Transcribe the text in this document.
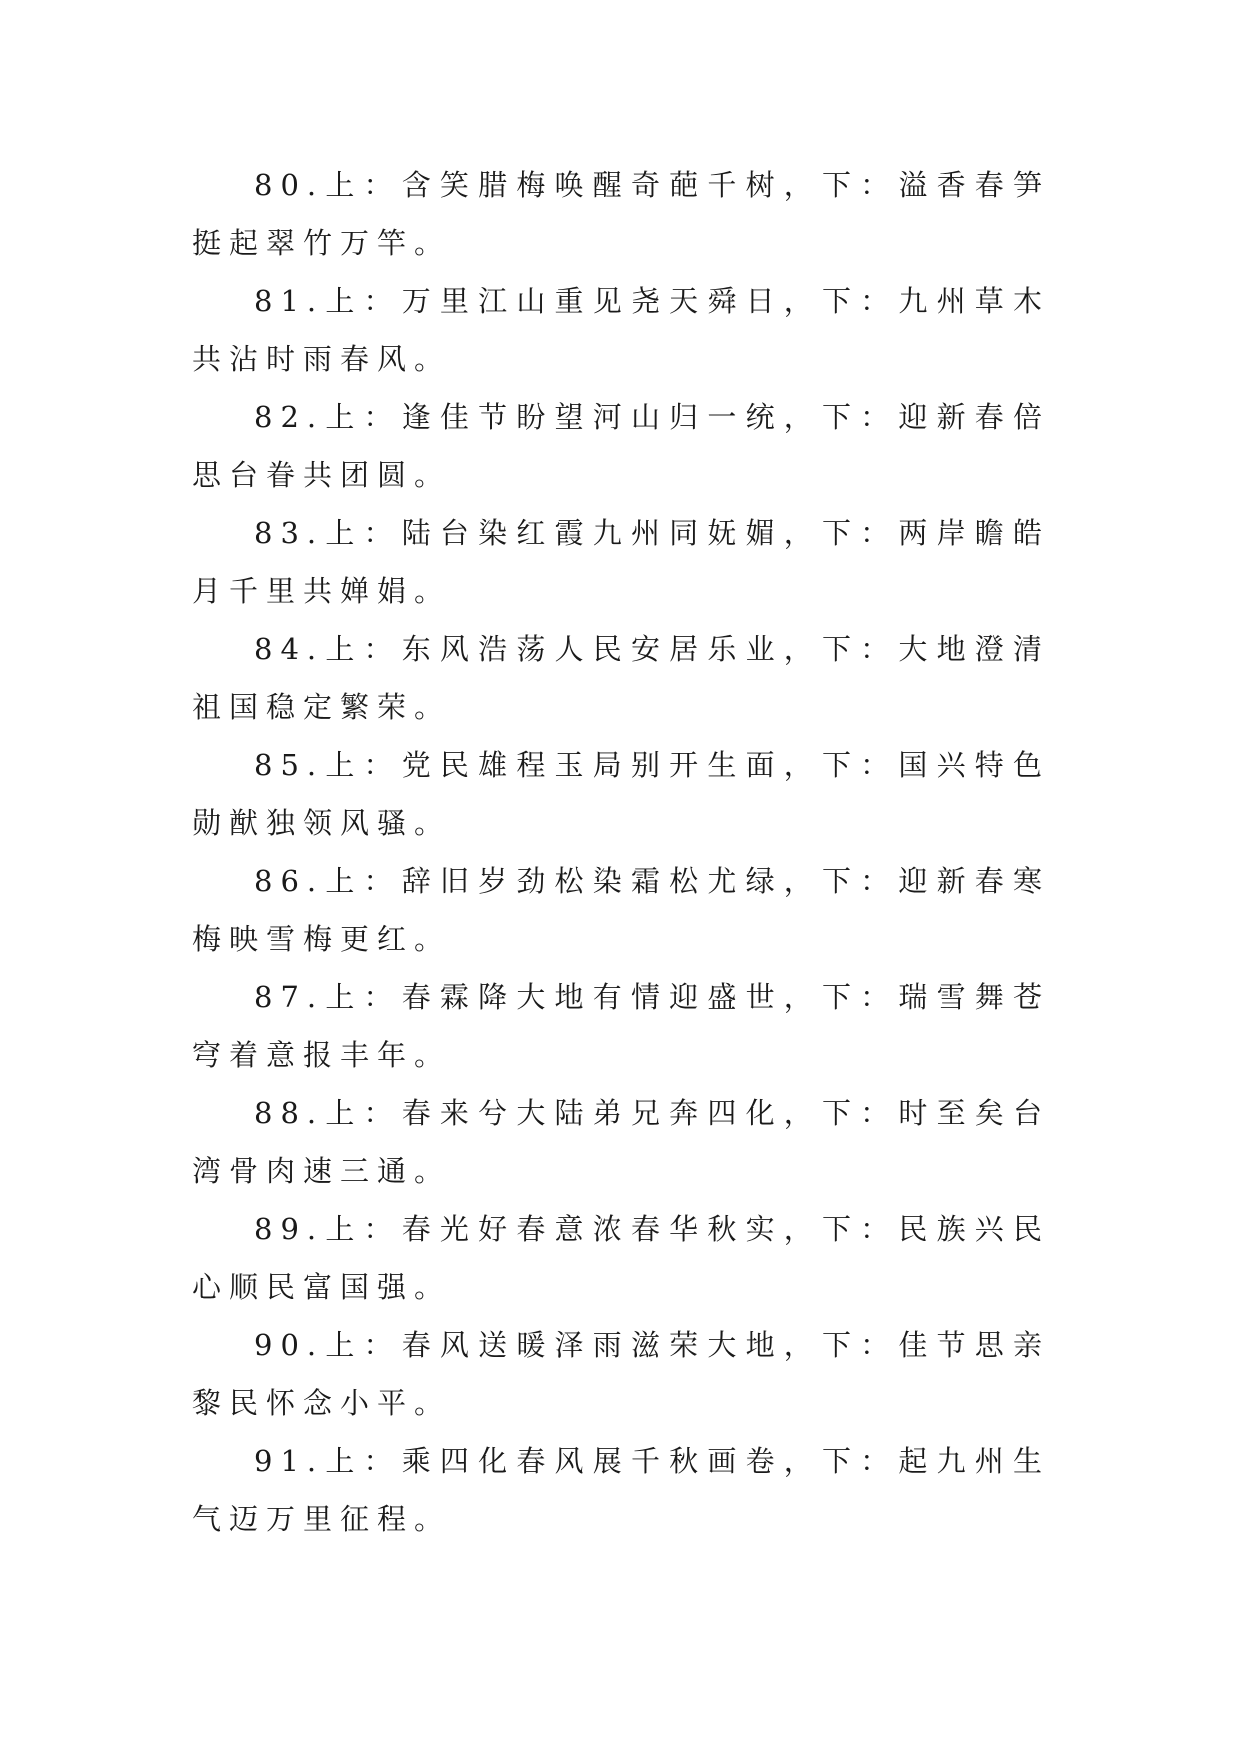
80.上：含笑腊梅唤醒奇葩千树，下：溢香春笋挺起翠竹万竿。

81.上：万里江山重见尧天舜日，下：九州草木共沾时雨春风。

82.上：逢佳节盼望河山归一统，下：迎新春倍思台眷共团圆。

83.上：陆台染红霞九州同妩媚，下：两岸瞻皓月千里共婵娟。

84.上：东风浩荡人民安居乐业，下：大地澄清祖国稳定繁荣。

85.上：党民雄程玉局别开生面，下：国兴特色勋猷独领风骚。

86.上：辞旧岁劲松染霜松尤绿，下：迎新春寒梅映雪梅更红。

87.上：春霖降大地有情迎盛世，下：瑞雪舞苍穹着意报丰年。

88.上：春来兮大陆弟兄奔四化，下：时至矣台湾骨肉速三通。

89.上：春光好春意浓春华秋实，下：民族兴民心顺民富国强。

90.上：春风送暖泽雨滋荣大地，下：佳节思亲黎民怀念小平。

91.上：乘四化春风展千秋画卷，下：起九州生气迈万里征程。
